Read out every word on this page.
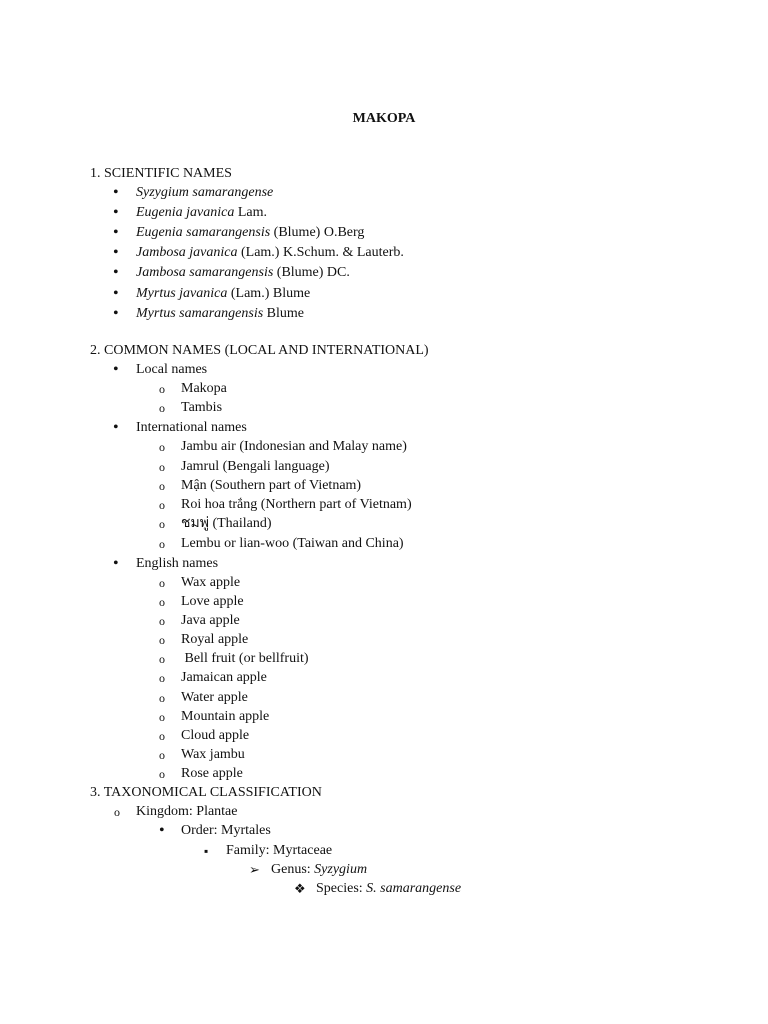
MAKOPA
1. SCIENTIFIC NAMES
•
Syzygium samarangense
•
Eugenia javanica Lam.
•
Eugenia samarangensis (Blume) O.Berg
•
Jambosa javanica (Lam.) K.Schum. & Lauterb.
•
Jambosa samarangensis (Blume) DC.
•
Myrtus javanica (Lam.) Blume
•
Myrtus samarangensis Blume
2. COMMON NAMES (LOCAL AND INTERNATIONAL)
•
Local names
o
Makopa
o
Tambis
•
International names
o
Jambu air (Indonesian and Malay name)
o
Jamrul (Bengali language)
o
Mận (Southern part of Vietnam)
o
Roi hoa trắng (Northern part of Vietnam)
o
ชมพู่ (Thailand)
o
Lembu or lian-woo (Taiwan and China)
•
English names
o
Wax apple
o
Love apple
o
Java apple
o
Royal apple
o
Bell fruit (or bellfruit)
o
Jamaican apple
o
Water apple
o
Mountain apple
o
Cloud apple
o
Wax jambu
o
Rose apple
3. TAXONOMICAL CLASSIFICATION
o
Kingdom: Plantae
•
Order: Myrtales
▪
Family: Myrtaceae
➢
Genus: Syzygium
❖
Species: S. samarangense
